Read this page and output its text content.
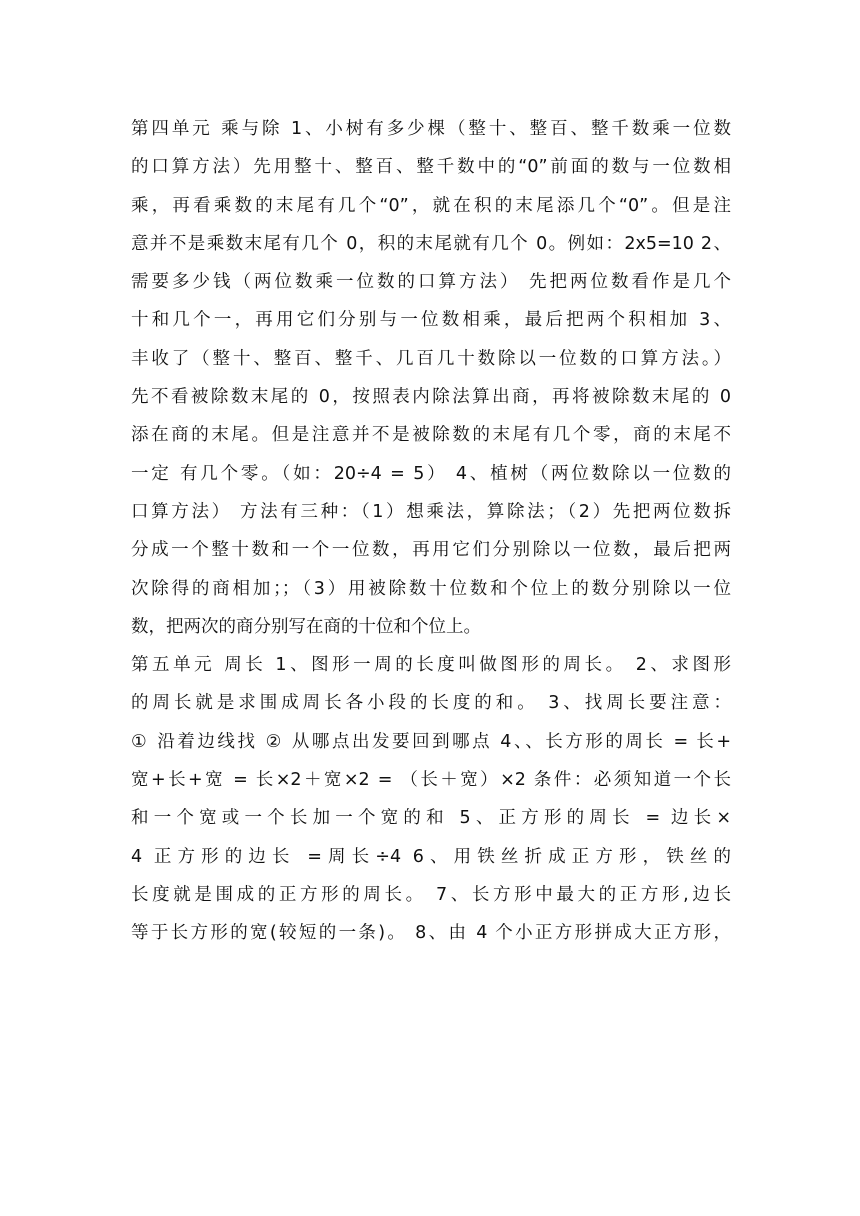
第四单元 乘与除 1、小树有多少棵（整十、整百、整千数乘一位数
的口算方法）先用整十、整百、整千数中的“0”前面的数与一位数相
乘，再看乘数的末尾有几个“0”，就在积的末尾添几个“0”。但是注
意并不是乘数末尾有几个 0，积的末尾就有几个 0。例如：2x5=10 2、
需要多少钱（两位数乘一位数的口算方法） 先把两位数看作是几个
十和几个一，再用它们分别与一位数相乘，最后把两个积相加 3、
丰收了（整十、整百、整千、几百几十数除以一位数的口算方法。）
先不看被除数末尾的 0，按照表内除法算出商，再将被除数末尾的 0
添在商的末尾。但是注意并不是被除数的末尾有几个零，商的末尾不
一定 有几个零。（如：20÷4 = 5） 4、植树（两位数除以一位数的
口算方法） 方法有三种：（1）想乘法，算除法；（2）先把两位数拆
分成一个整十数和一个一位数，再用它们分别除以一位数，最后把两
次除得的商相加；；（3）用被除数十位数和个位上的数分别除以一位
数，把两次的商分别写在商的十位和个位上。
第五单元 周长 1、图形一周的长度叫做图形的周长。 2、求图形
的周长就是求围成周长各小段的长度的和。 3、找周长要注意：
① 沿着边线找 ② 从哪点出发要回到哪点 4、、长方形的周长 = 长+
宽+长+宽 = 长×2＋宽×2 = （长＋宽）×2 条件：必须知道一个长
和一个宽或一个长加一个宽的和 5、正方形的周长 = 边长×
4 正方形的边长 =周长÷4 6、用铁丝折成正方形，铁丝的
长度就是围成的正方形的周长。 7、长方形中最大的正方形,边长
等于长方形的宽(较短的一条)。 8、由 4 个小正方形拼成大正方形，
